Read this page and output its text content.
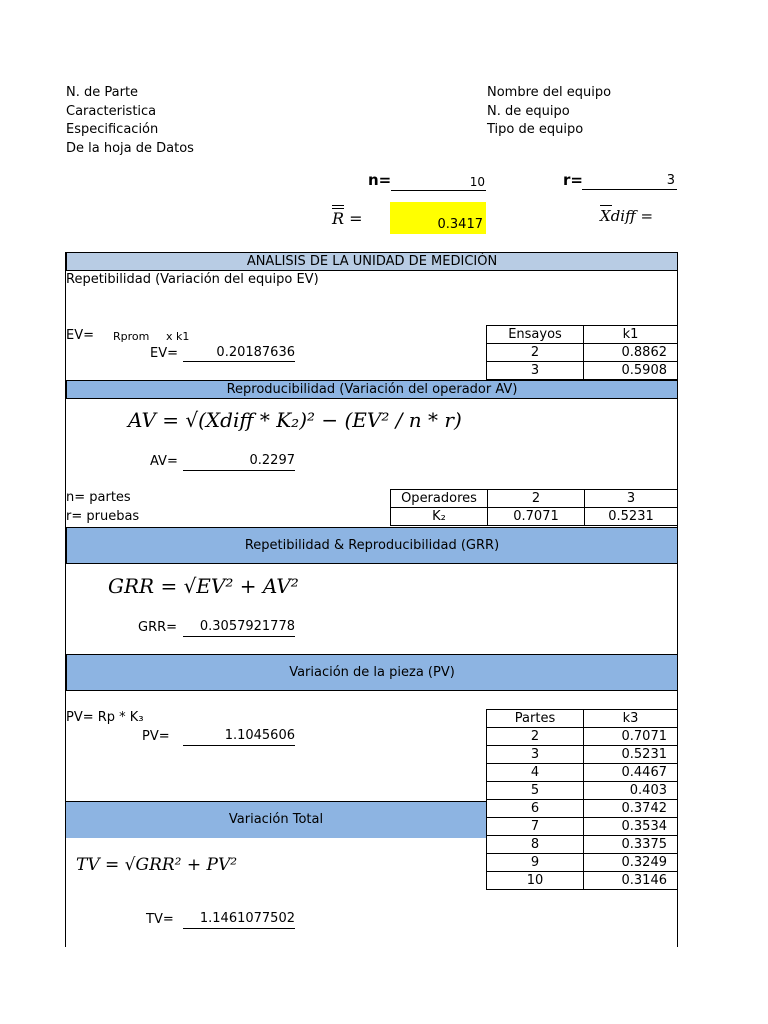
N. de Parte
Caracteristica
Especificación
De la hoja de Datos
Nombre del equipo
N. de equipo
Tipo de equipo
n=	10	r=	3
R =	0.3417	Xdiff =
ANALISIS DE LA UNIDAD DE MEDICIÓN
Repetibilidad (Variación del equipo EV)
EV= Rprom x k1
EV=	0.20187636
Ensayos	k1
2	0.8862
3	0.5908
Reproducibilidad (Variación del operador AV)
AV = √(Xdiff * K₂)² − (EV² / n * r)
AV=	0.2297
n= partes
r= pruebas
Operadores	2	3
K₂	0.7071	0.5231
Repetibilidad & Reproducibilidad (GRR)
GRR = √EV² + AV²
GRR=	0.3057921778
Variación de la pieza (PV)
PV= Rp * K₃
PV=	1.1045606
Partes	k3
2	0.7071
3	0.5231
4	0.4467
5	0.403
6	0.3742
7	0.3534
8	0.3375
9	0.3249
10	0.3146
Variación Total
TV = √GRR² + PV²
TV=	1.1461077502
